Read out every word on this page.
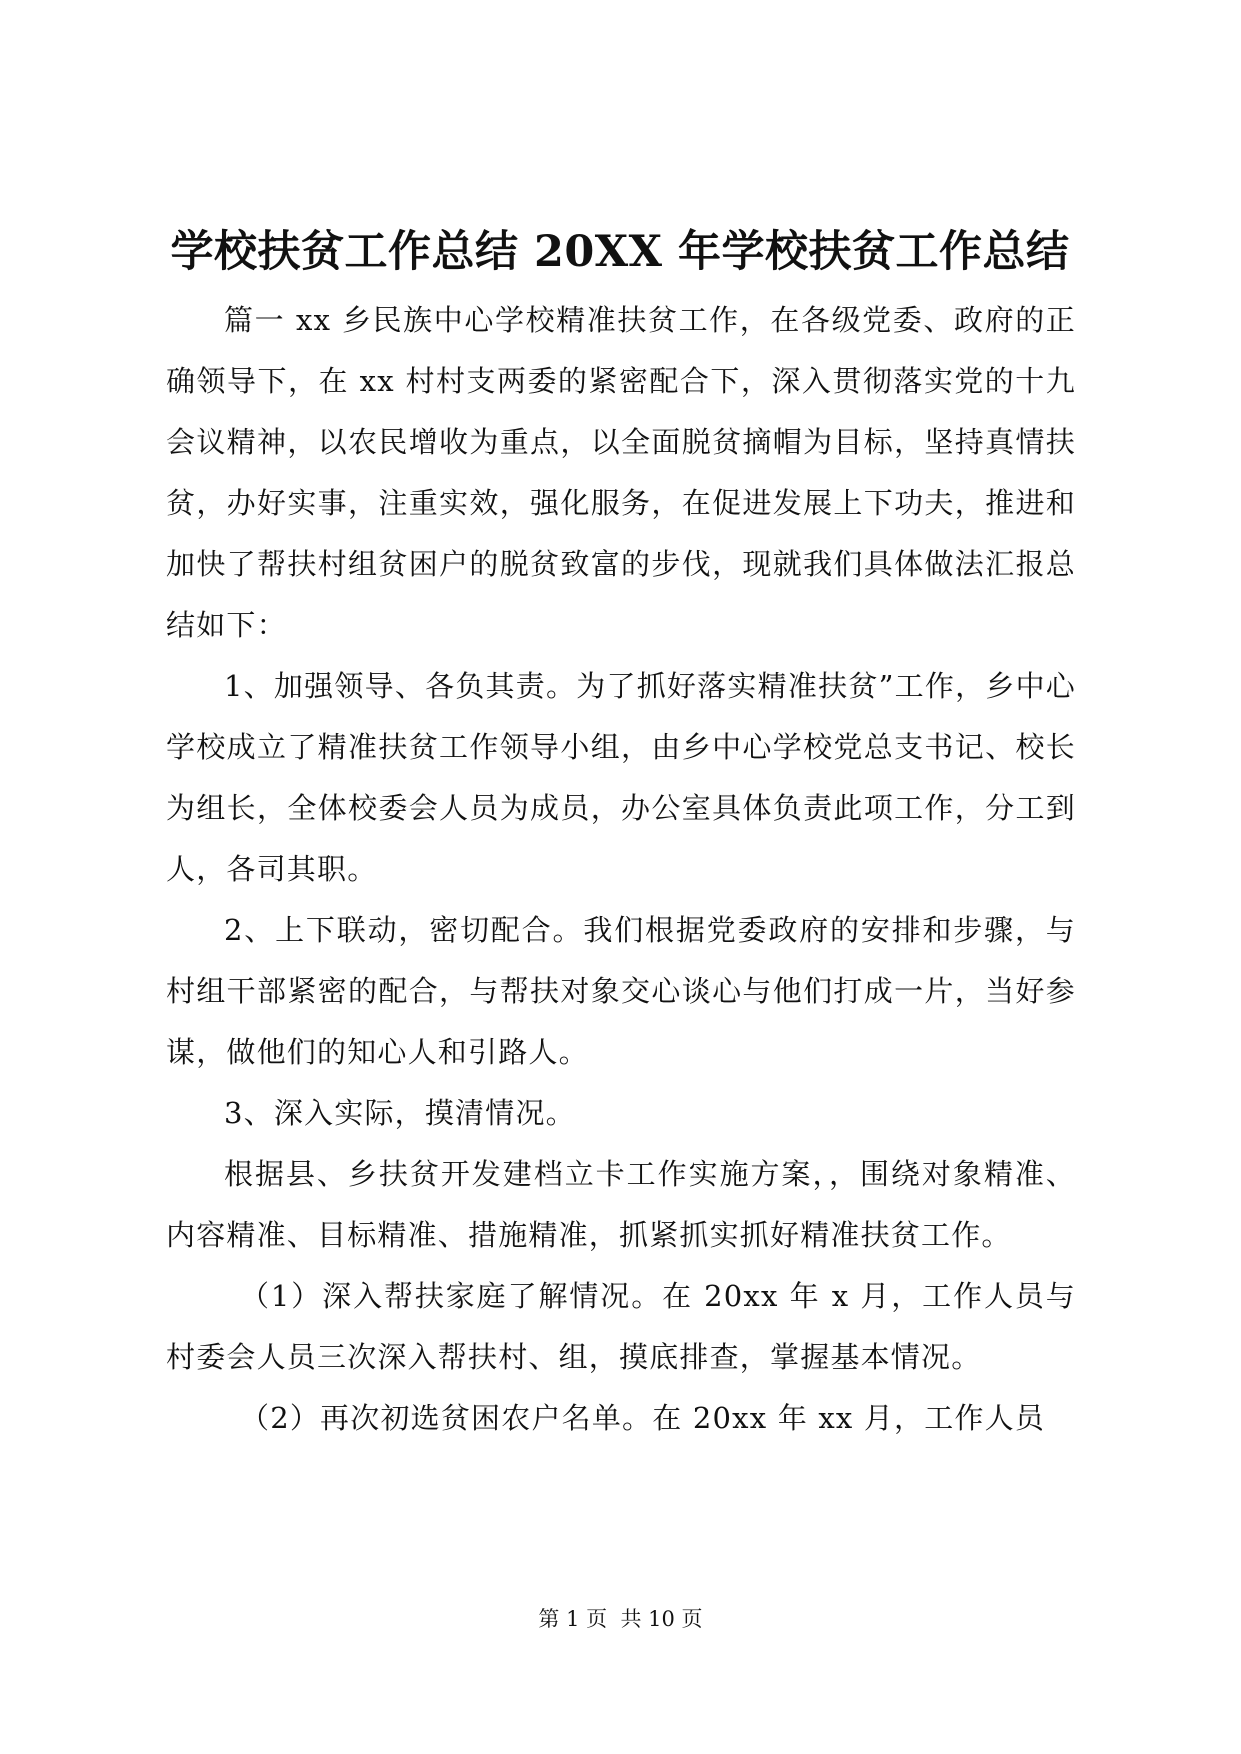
学校扶贫工作总结 20XX 年学校扶贫工作总结

篇一 xx 乡民族中心学校精准扶贫工作，在各级党委、政府的正确领导下，在 xx 村村支两委的紧密配合下，深入贯彻落实党的十九会议精神，以农民增收为重点，以全面脱贫摘帽为目标，坚持真情扶贫，办好实事，注重实效，强化服务，在促进发展上下功夫，推进和加快了帮扶村组贫困户的脱贫致富的步伐，现就我们具体做法汇报总结如下：

1、加强领导、各负其责。为了抓好落实精准扶贫”工作，乡中心学校成立了精准扶贫工作领导小组，由乡中心学校党总支书记、校长为组长，全体校委会人员为成员，办公室具体负责此项工作，分工到人，各司其职。

2、上下联动，密切配合。我们根据党委政府的安排和步骤，与村组干部紧密的配合，与帮扶对象交心谈心与他们打成一片，当好参谋，做他们的知心人和引路人。

3、深入实际，摸清情况。

根据县、乡扶贫开发建档立卡工作实施方案，，围绕对象精准、内容精准、目标精准、措施精准，抓紧抓实抓好精准扶贫工作。

（1）深入帮扶家庭了解情况。在 20xx 年 x 月，工作人员与村委会人员三次深入帮扶村、组，摸底排查，掌握基本情况。

（2）再次初选贫困农户名单。在 20xx 年 xx 月，工作人员

第 1 页  共 10 页
